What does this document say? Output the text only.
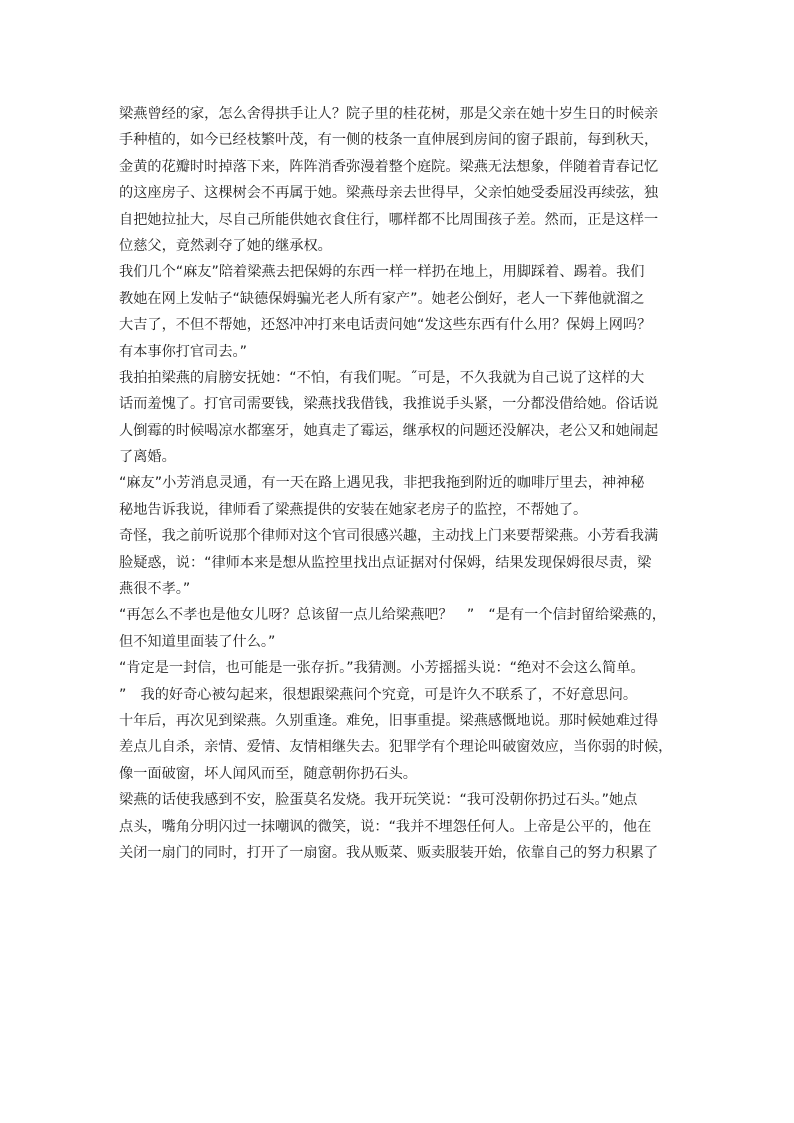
梁燕曾经的家，怎么舍得拱手让人？院子里的桂花树，那是父亲在她十岁生日的时候亲
手种植的，如今已经枝繁叶茂，有一侧的枝条一直伸展到房间的窗子跟前，每到秋天，
金黄的花瓣时时掉落下来，阵阵消香弥漫着整个庭院。梁燕无法想象，伴随着青春记忆
的这座房子、这棵树会不再属于她。梁燕母亲去世得早，父亲怕她受委屈没再续弦，独
自把她拉扯大，尽自己所能供她衣食住行，哪样都不比周围孩子差。然而，正是这样一
位慈父，竟然剥夺了她的继承权。
我们几个“麻友”陪着梁燕去把保姆的东西一样一样扔在地上，用脚踩着、踢着。我们
教她在网上发帖子“缺德保姆骗光老人所有家产”。她老公倒好，老人一下葬他就溜之
大吉了，不但不帮她，还怒冲冲打来电话责问她“发这些东西有什么用？保姆上网吗？
有本事你打官司去。”
我拍拍梁燕的肩膀安抚她：“不怕，有我们呢。˝可是，不久我就为自己说了这样的大
话而羞愧了。打官司需要钱，梁燕找我借钱，我推说手头紧，一分都没借给她。俗话说
人倒霉的时候喝凉水都塞牙，她真走了霉运，继承权的问题还没解决，老公又和她闹起
了离婚。
“麻友”小芳消息灵通，有一天在路上遇见我，非把我拖到附近的咖啡厅里去，神神秘
秘地告诉我说，律师看了梁燕提供的安装在她家老房子的监控，不帮她了。
奇怪，我之前听说那个律师对这个官司很感兴趣，主动找上门来要帮梁燕。小芳看我满
脸疑惑，说：“律师本来是想从监控里找出点证据对付保姆，结果发现保姆很尽责，梁
燕很不孝。”
“再怎么不孝也是他女儿呀？总该留一点儿给梁燕吧？　”　“是有一个信封留给梁燕的，
但不知道里面装了什么。”
“肯定是一封信，也可能是一张存折。”我猜测。小芳摇摇头说：“绝对不会这么简单。
”　我的好奇心被勾起来，很想跟梁燕问个究竟，可是许久不联系了，不好意思问。
十年后，再次见到梁燕。久别重逢。难免，旧事重提。梁燕感慨地说。那时候她难过得
差点儿自杀，亲情、爱情、友情相继失去。犯罪学有个理论叫破窗效应，当你弱的时候，
像一面破窗，坏人闻风而至，随意朝你扔石头。
梁燕的话使我感到不安，脸蛋莫名发烧。我开玩笑说：“我可没朝你扔过石头。”她点
点头，嘴角分明闪过一抹嘲讽的微笑，说：“我并不埋怨任何人。上帝是公平的，他在
关闭一扇门的同时，打开了一扇窗。我从贩菜、贩卖服装开始，依靠自己的努力积累了
